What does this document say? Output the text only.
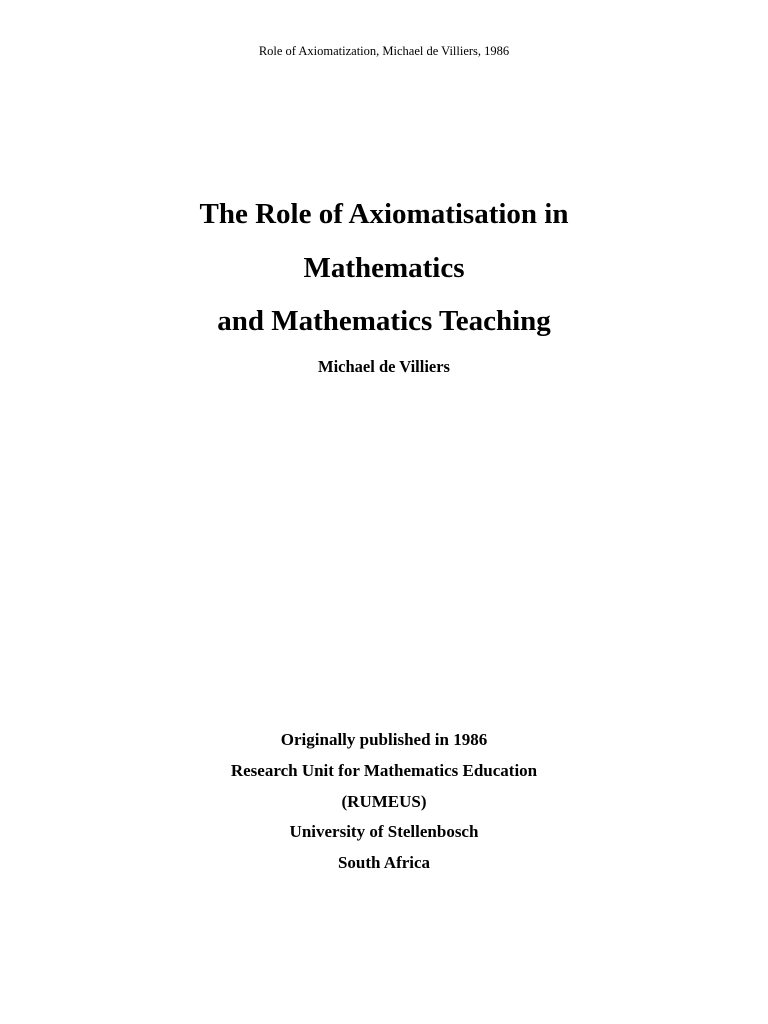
Role of Axiomatization, Michael de Villiers, 1986
The Role of Axiomatisation in
Mathematics
and Mathematics Teaching
Michael de Villiers
Originally published in 1986
Research Unit for Mathematics Education
(RUMEUS)
University of Stellenbosch
South Africa
